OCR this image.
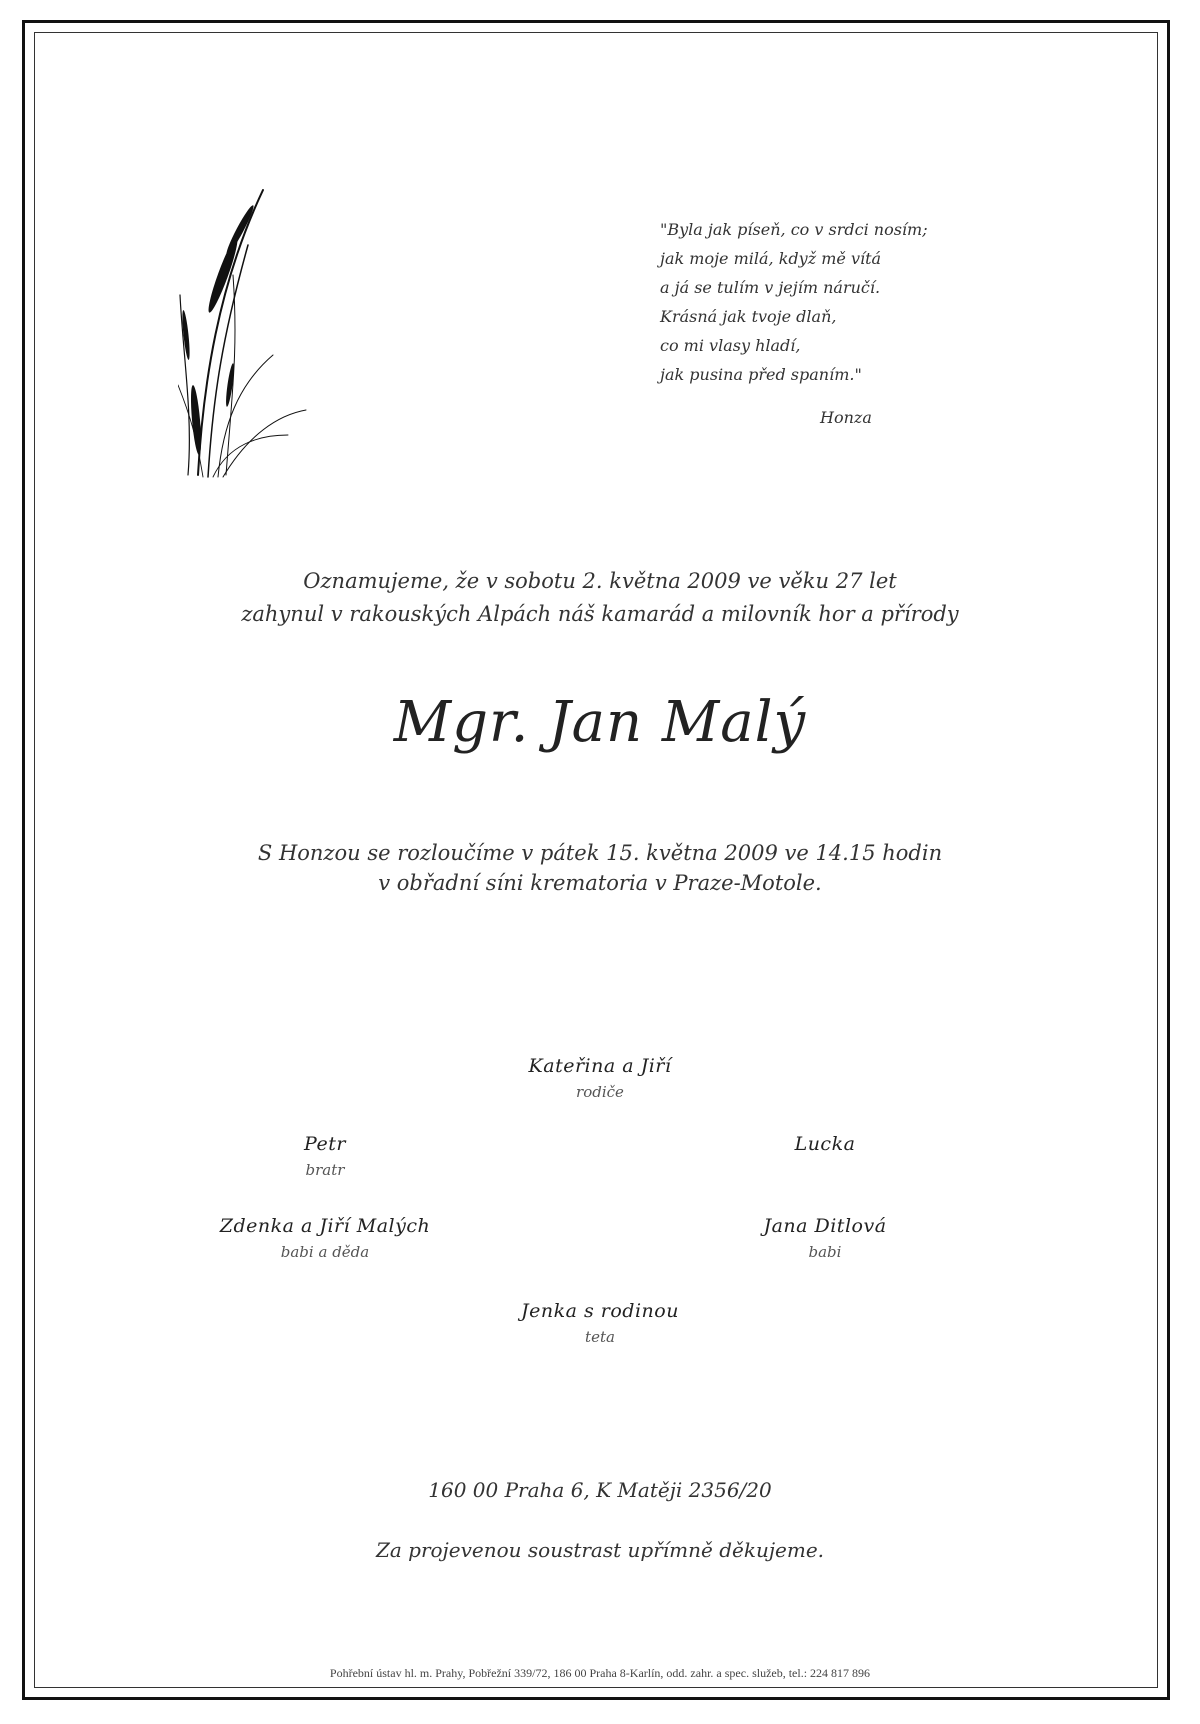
"Byla jak píseň, co v srdci nosím;
jak moje milá, když mě vítá
a já se tulím v jejím náručí.
Krásná jak tvoje dlaň,
co mi vlasy hladí,
jak pusina před spaním."
Honza
Oznamujeme, že v sobotu 2. května 2009 ve věku 27 let
zahynul v rakouských Alpách náš kamarád a milovník hor a přírody
Mgr. Jan Malý
S Honzou se rozloučíme v pátek 15. května 2009 ve 14.15 hodin
v obřadní síni krematoria v Praze-Motole.
Kateřina a Jiří
rodiče
Petr
bratr
Lucka
Zdenka a Jiří Malých
babi a děda
Jana Ditlová
babi
Jenka s rodinou
teta
160 00 Praha 6, K Matěji 2356/20
Za projevenou soustrast upřímně děkujeme.
Pohřební ústav hl. m. Prahy, Pobřežní 339/72, 186 00 Praha 8-Karlín, odd. zahr. a spec. služeb, tel.: 224 817 896
